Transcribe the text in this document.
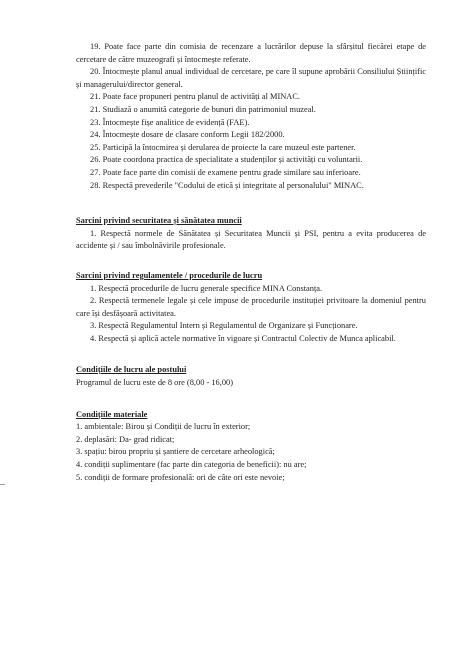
19. Poate face parte din comisia de recenzare a lucrărilor depuse la sfârșitul fiecărei etape de cercetare de către muzeografi și întocmește referate.
20. Întocmește planul anual individual de cercetare, pe care îl supune aprobării Consiliului Științific și managerului/director general.
21. Poate face propuneri pentru planul de activități al MINAC.
21. Studiază o anumită categorie de bunuri din patrimoniul muzeal.
23. Întocmește fișe analitice de evidență (FAE).
24. Întocmește dosare de clasare conform Legii 182/2000.
25. Participă la întocmirea și derularea de proiecte la care muzeul este partener.
26. Poate coordona practica de specialitate a studenților și activități cu voluntarii.
27. Poate face parte din comisii de examene pentru grade similare sau inferioare.
28. Respectă prevederile "Codului de etică și integritate al personalului" MINAC.
Sarcini privind securitatea și sănătatea muncii
1. Respectă normele de Sănătatea și Securitatea Muncii și PSI, pentru a evita producerea de accidente și / sau îmbolnăvirile profesionale.
Sarcini privind regulamentele / procedurile de lucru
1. Respectă procedurile de lucru generale specifice MINA Constanța.
2. Respectă termenele legale și cele impuse de procedurile instituției privitoare la domeniul pentru care își desfășoară activitatea.
3. Respectă Regulamentul Intern și Regulamentul de Organizare și Funcționare.
4. Respectă și aplică actele normative în vigoare și Contractul Colectiv de Munca aplicabil.
Condițiile de lucru ale postului
Programul de lucru este de 8 ore (8,00 - 16,00)
Condițiile materiale
1. ambientale: Birou și Condiții de lucru în exterior;
2. deplasări: Da- grad ridicat;
3. spațiu: birou propriu și șantiere de cercetare arheologică;
4. condiții suplimentare (fac parte din categoria de beneficii): nu are;
5. condiții de formare profesională: ori de câte ori este nevoie;
